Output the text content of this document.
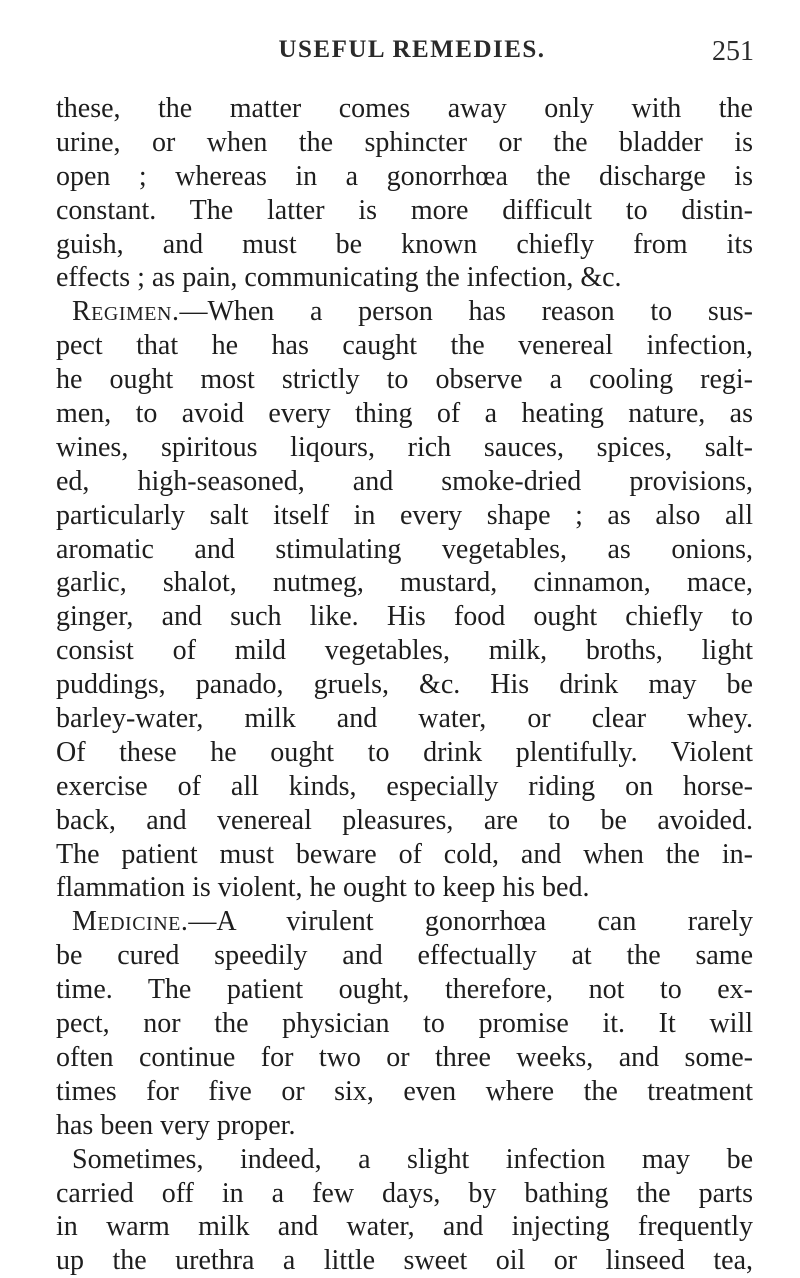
USEFUL REMEDIES.	251
these, the matter comes away only with the
urine, or when the sphincter or the bladder is
open ; whereas in a gonorrhœa the discharge is
constant. The latter is more difficult to distin-
guish, and must be known chiefly from its
effects ; as pain, communicating the infection, &c.
Regimen.—When a person has reason to sus-
pect that he has caught the venereal infection,
he ought most strictly to observe a cooling regi-
men, to avoid every thing of a heating nature, as
wines, spiritous liqours, rich sauces, spices, salt-
ed, high-seasoned, and smoke-dried provisions,
particularly salt itself in every shape ; as also all
aromatic and stimulating vegetables, as onions,
garlic, shalot, nutmeg, mustard, cinnamon, mace,
ginger, and such like. His food ought chiefly to
consist of mild vegetables, milk, broths, light
puddings, panado, gruels, &c. His drink may be
barley-water, milk and water, or clear whey.
Of these he ought to drink plentifully. Violent
exercise of all kinds, especially riding on horse-
back, and venereal pleasures, are to be avoided.
The patient must beware of cold, and when the in-
flammation is violent, he ought to keep his bed.
Medicine.—A virulent gonorrhœa can rarely
be cured speedily and effectually at the same
time. The patient ought, therefore, not to ex-
pect, nor the physician to promise it. It will
often continue for two or three weeks, and some-
times for five or six, even where the treatment
has been very proper.
Sometimes, indeed, a slight infection may be
carried off in a few days, by bathing the parts
in warm milk and water, and injecting frequently
up the urethra a little sweet oil or linseed tea,
